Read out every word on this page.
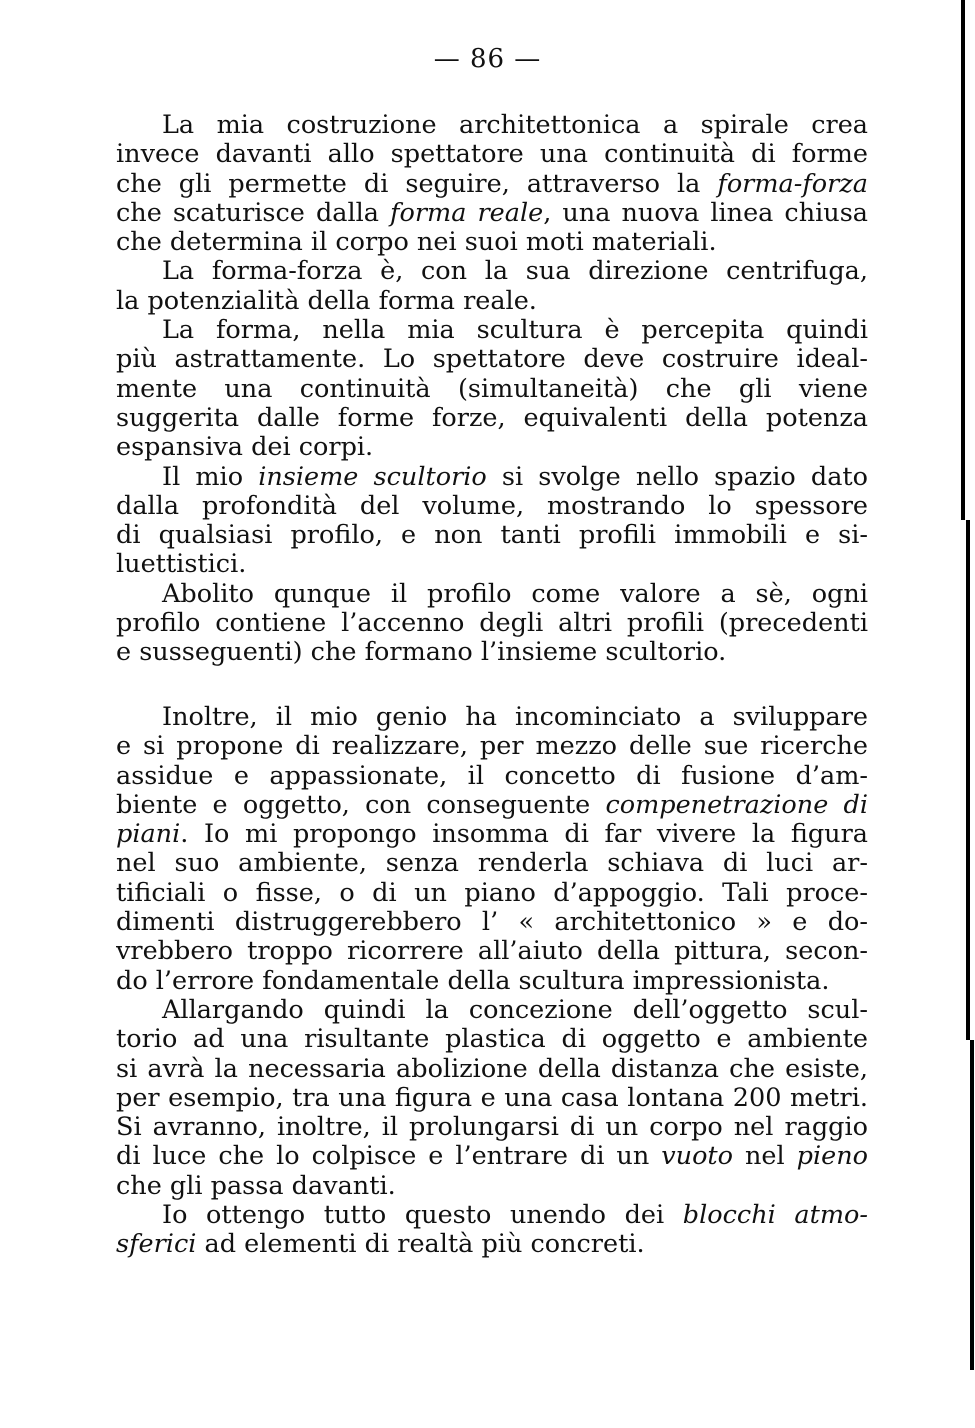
— 86 —
La mia costruzione architettonica a spirale crea
invece davanti allo spettatore una continuità di forme
che gli permette di seguire, attraverso la forma-forza
che scaturisce dalla forma reale, una nuova linea chiusa
che determina il corpo nei suoi moti materiali.
La forma-forza è, con la sua direzione centrifuga,
la potenzialità della forma reale.
La forma, nella mia scultura è percepita quindi
più astrattamente. Lo spettatore deve costruire ideal-
mente una continuità (simultaneità) che gli viene
suggerita dalle forme forze, equivalenti della potenza
espansiva dei corpi.
Il mio insieme scultorio si svolge nello spazio dato
dalla profondità del volume, mostrando lo spessore
di qualsiasi profilo, e non tanti profili immobili e si-
luettistici.
Abolito qunque il profilo come valore a sè, ogni
profilo contiene l’accenno degli altri profili (precedenti
e susseguenti) che formano l’insieme scultorio.
Inoltre, il mio genio ha incominciato a sviluppare
e si propone di realizzare, per mezzo delle sue ricerche
assidue e appassionate, il concetto di fusione d’am-
biente e oggetto, con conseguente compenetrazione di
piani. Io mi propongo insomma di far vivere la figura
nel suo ambiente, senza renderla schiava di luci ar-
tificiali o fisse, o di un piano d’appoggio. Tali proce-
dimenti distruggerebbero l’ « architettonico » e do-
vrebbero troppo ricorrere all’aiuto della pittura, secon-
do l’errore fondamentale della scultura impressionista.
Allargando quindi la concezione dell’oggetto scul-
torio ad una risultante plastica di oggetto e ambiente
si avrà la necessaria abolizione della distanza che esiste,
per esempio, tra una figura e una casa lontana 200 metri.
Si avranno, inoltre, il prolungarsi di un corpo nel raggio
di luce che lo colpisce e l’entrare di un vuoto nel pieno
che gli passa davanti.
Io ottengo tutto questo unendo dei blocchi atmo-
sferici ad elementi di realtà più concreti.
